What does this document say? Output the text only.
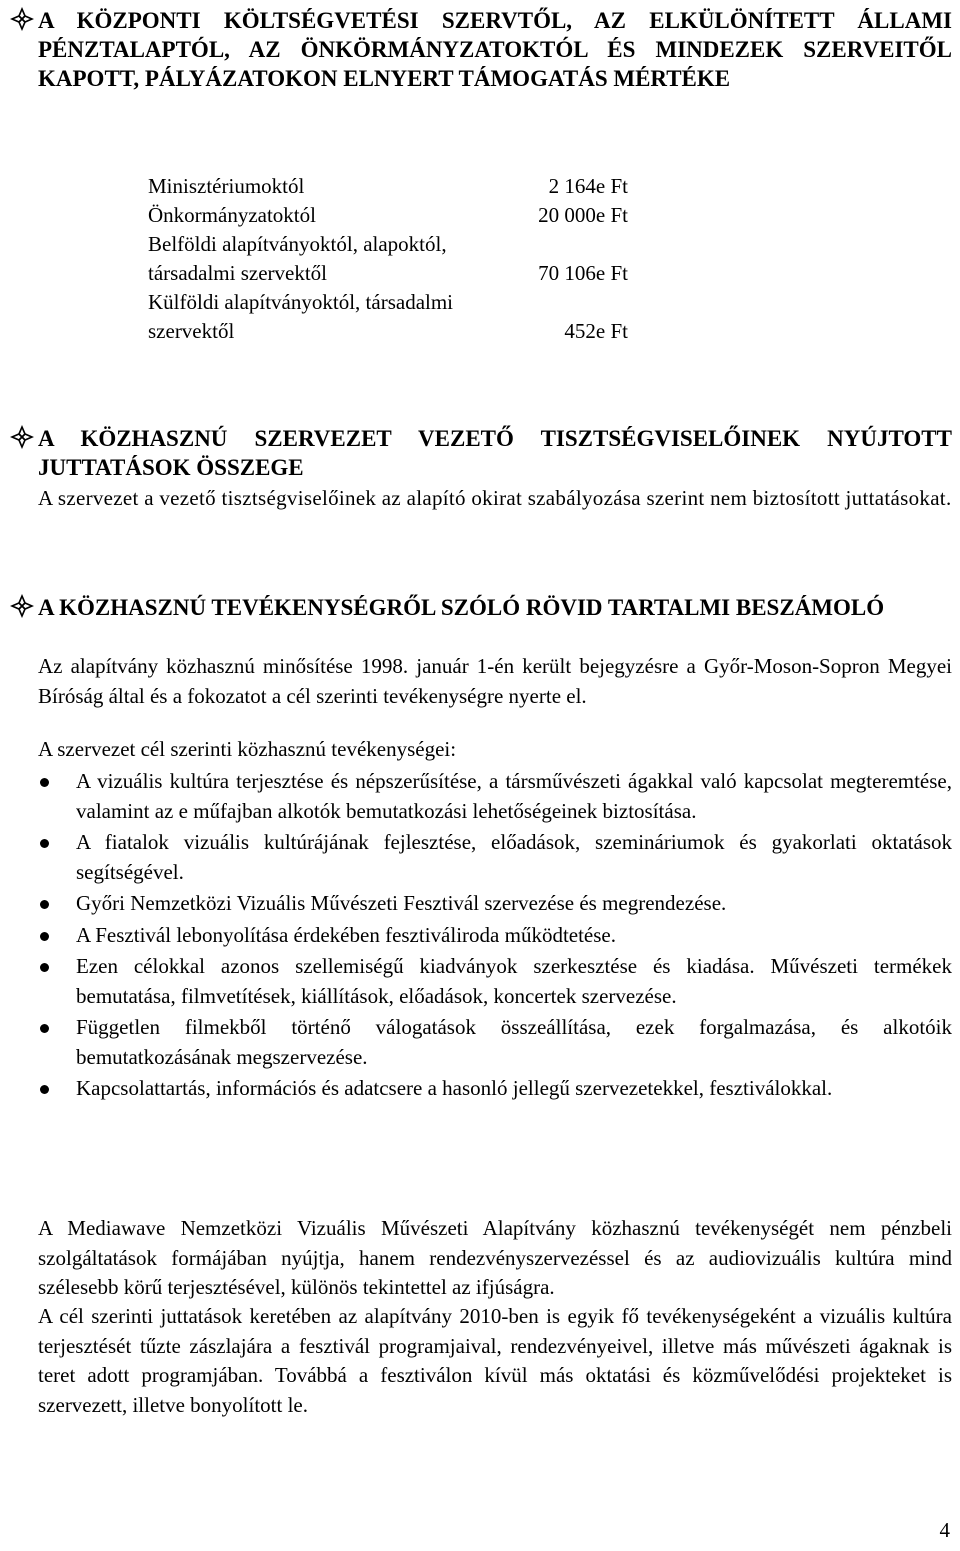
A KÖZPONTI KÖLTSÉGVETÉSI SZERVTŐL, AZ ELKÜLÖNÍTETT ÁLLAMI PÉNZTALAPTÓL, AZ ÖNKÖRMÁNYZATOKTÓL ÉS MINDEZEK SZERVEITŐL KAPOTT, PÁLYÁZATOKON ELNYERT TÁMOGATÁS MÉRTÉKE
Minisztériumoktól	2 164e Ft
Önkormányzatoktól	20 000e Ft
Belföldi alapítványoktól, alapoktól, társadalmi szervektől	70 106e Ft
Külföldi alapítványoktól, társadalmi szervektől	452e Ft
A KÖZHASZNÚ SZERVEZET VEZETŐ TISZTSÉGVISELŐINEK NYÚJTOTT JUTTATÁSOK ÖSSZEGE
A szervezet a vezető tisztségviselőinek az alapító okirat szabályozása szerint nem biztosított juttatásokat.
A KÖZHASZNÚ TEVÉKENYSÉGRŐL SZÓLÓ RÖVID TARTALMI BESZÁMOLÓ
Az alapítvány közhasznú minősítése 1998. január 1-én került bejegyzésre a Győr-Moson-Sopron Megyei Bíróság által és a fokozatot a cél szerinti tevékenységre nyerte el.
A szervezet cél szerinti közhasznú tevékenységei:
A vizuális kultúra terjesztése és népszerűsítése, a társművészeti ágakkal való kapcsolat megteremtése, valamint az e műfajban alkotók bemutatkozási lehetőségeinek biztosítása.
A fiatalok vizuális kultúrájának fejlesztése, előadások, szemináriumok és gyakorlati oktatások segítségével.
Győri Nemzetközi Vizuális Művészeti Fesztivál szervezése és megrendezése.
A Fesztivál lebonyolítása érdekében fesztiváliroda működtetése.
Ezen célokkal azonos szellemiségű kiadványok szerkesztése és kiadása. Művészeti termékek bemutatása, filmvetítések, kiállítások, előadások, koncertek szervezése.
Független filmekből történő válogatások összeállítása, ezek forgalmazása, és alkotóik bemutatkozásának megszervezése.
Kapcsolattartás, információs és adatcsere a hasonló jellegű szervezetekkel, fesztiválokkal.
A Mediawave Nemzetközi Vizuális Művészeti Alapítvány közhasznú tevékenységét nem pénzbeli szolgáltatások formájában nyújtja, hanem rendezvényszervezéssel és az audiovizuális kultúra mind szélesebb körű terjesztésével, különös tekintettel az ifjúságra.
A cél szerinti juttatások keretében az alapítvány 2010-ben is egyik fő tevékenységeként a vizuális kultúra terjesztését tűzte zászlajára a fesztivál programjaival, rendezvényeivel, illetve más művészeti ágaknak is teret adott programjában. Továbbá a fesztiválon kívül más oktatási és közművelődési projekteket is szervezett, illetve bonyolított le.
4
